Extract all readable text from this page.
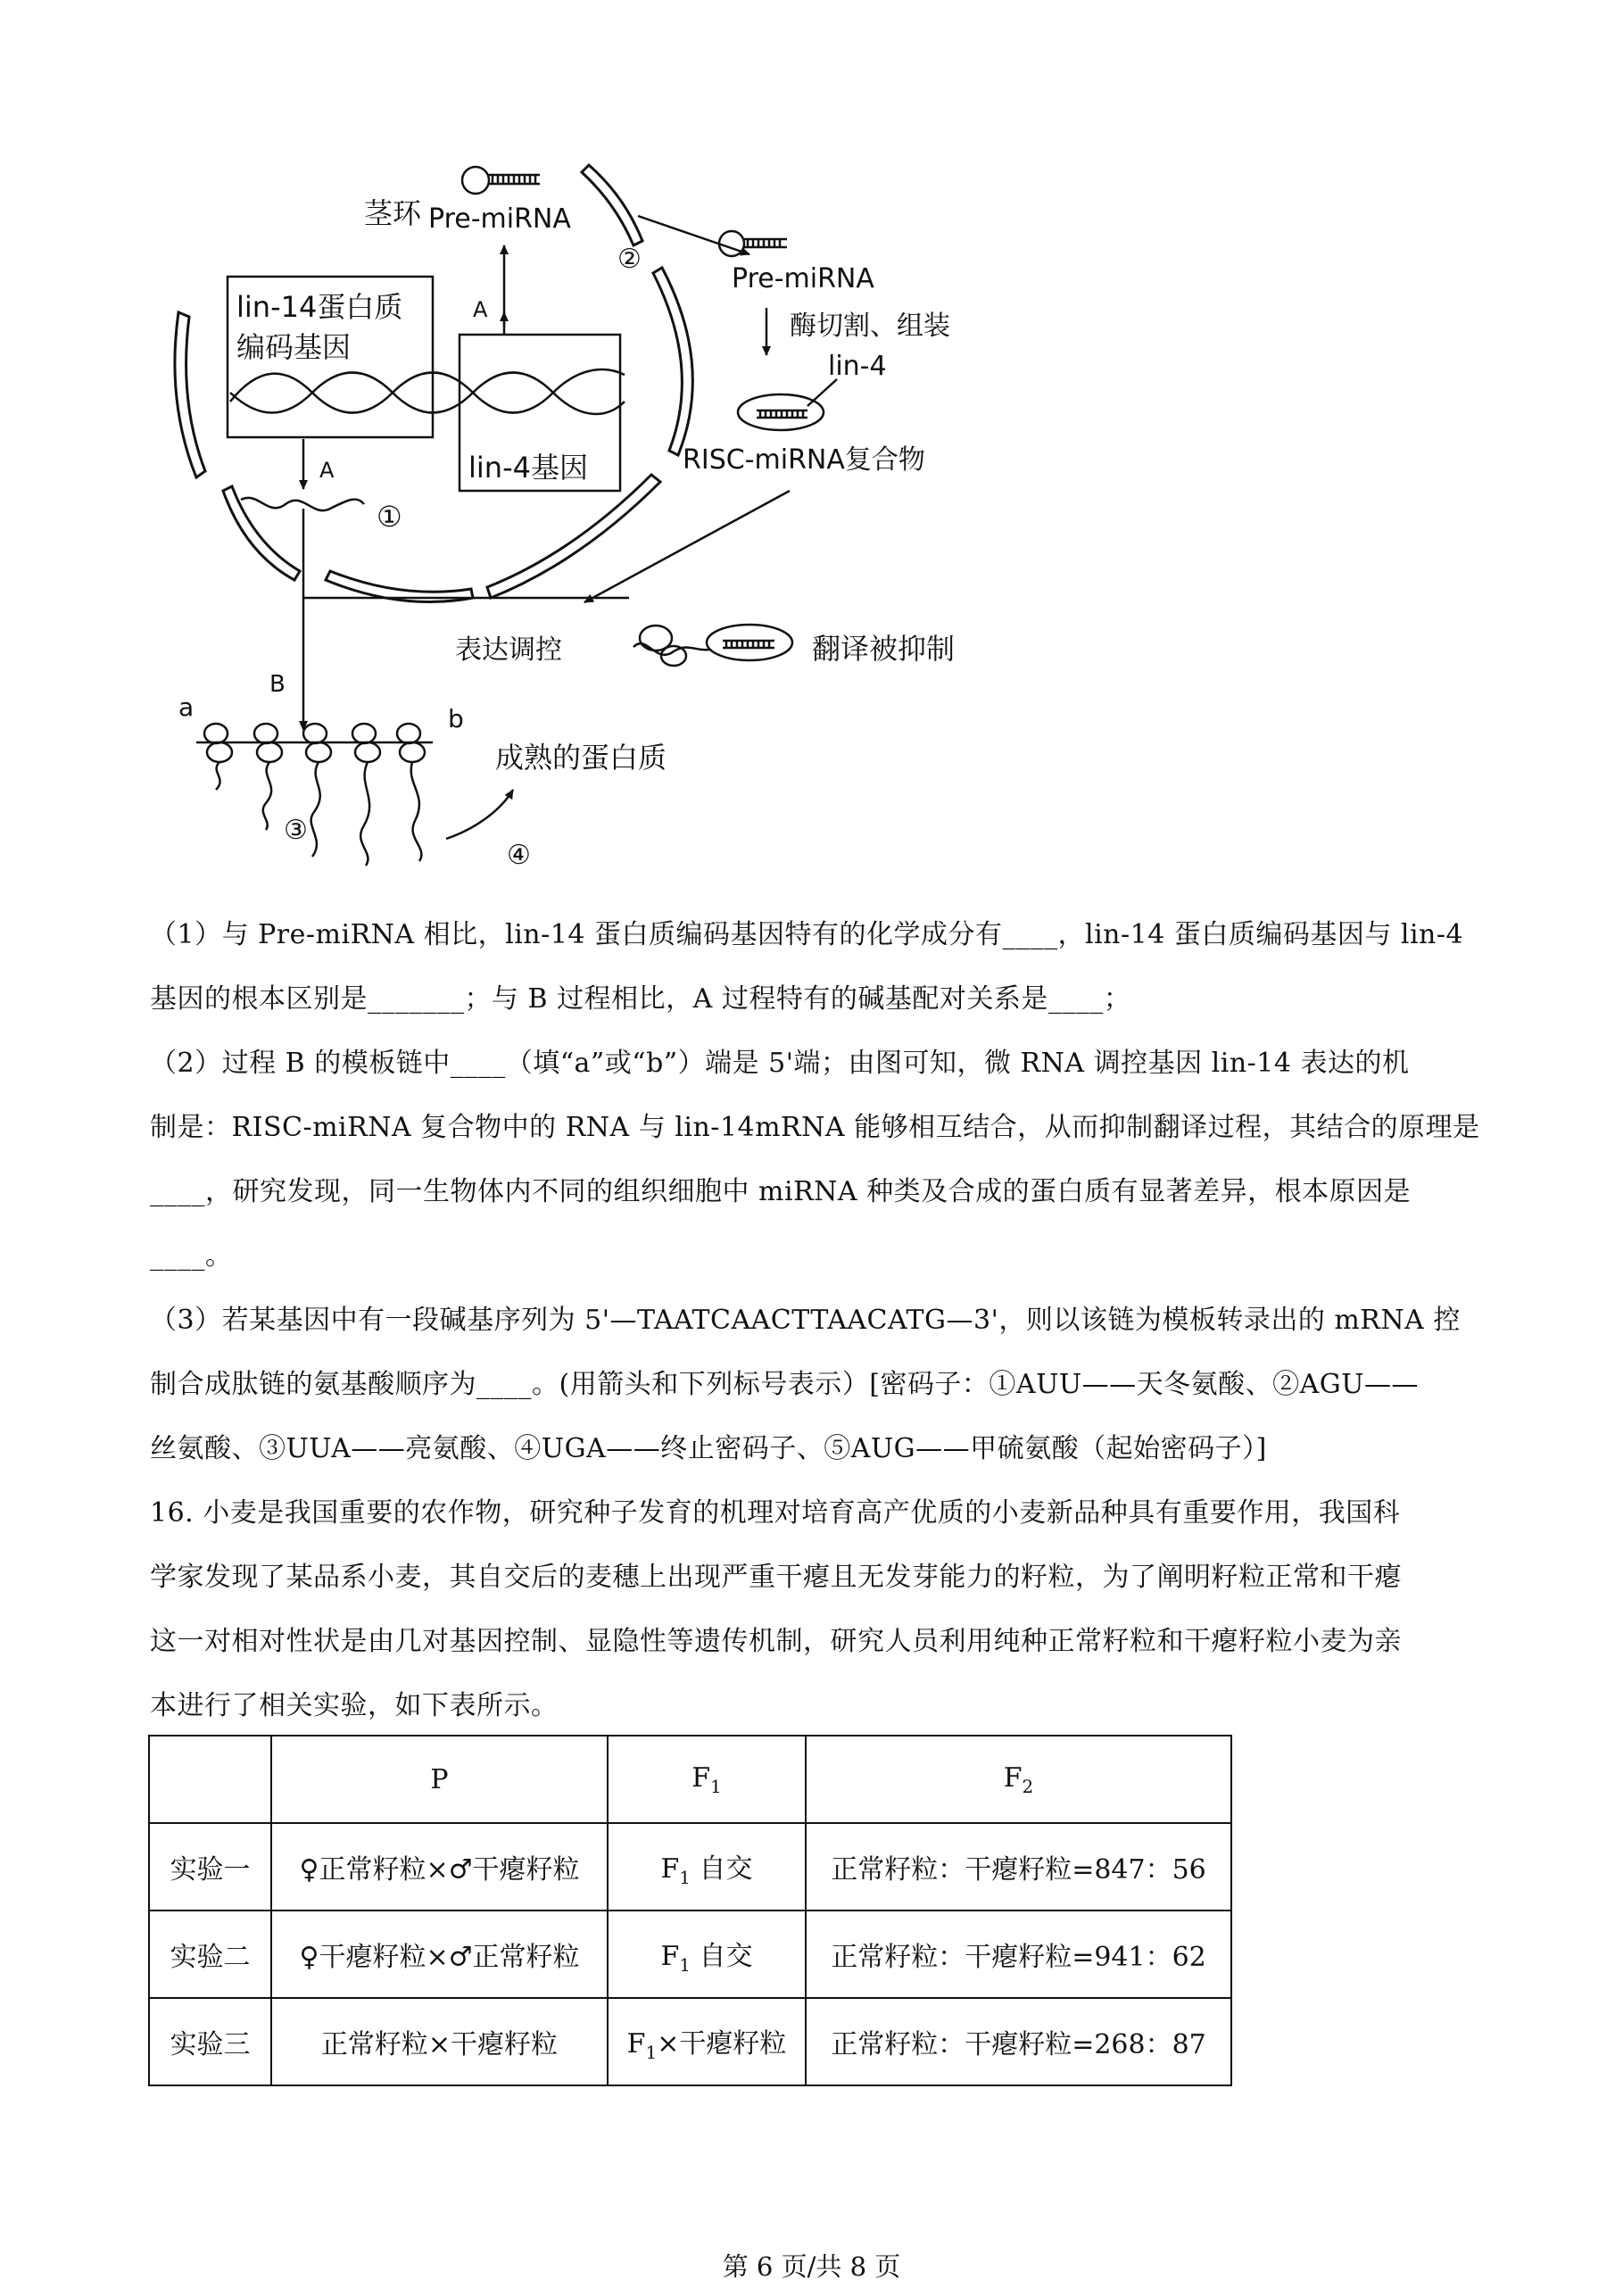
茎环 Pre-miRNA
②
Pre-miRNA
酶切割、组装
lin-4
RISC-miRNA复合物
lin-14蛋白质
编码基因
lin-4基因
A
A
①
表达调控	翻译被抑制
B
a	b
成熟的蛋白质
③
④

（1）与 Pre-miRNA 相比，lin-14 蛋白质编码基因特有的化学成分有____，lin-14 蛋白质编码基因与 lin-4

基因的根本区别是_______；与 B 过程相比，A 过程特有的碱基配对关系是____；

（2）过程 B 的模板链中____（填“a”或“b”）端是 5'端；由图可知，微 RNA 调控基因 lin-14 表达的机

制是：RISC-miRNA 复合物中的 RNA 与 lin-14mRNA 能够相互结合，从而抑制翻译过程，其结合的原理是

____，研究发现，同一生物体内不同的组织细胞中 miRNA 种类及合成的蛋白质有显著差异，根本原因是

____。

（3）若某基因中有一段碱基序列为 5'—TAATCAACTTAACATG—3'，则以该链为模板转录出的 mRNA 控

制合成肽链的氨基酸顺序为____。(用箭头和下列标号表示）[密码子：①AUU——天冬氨酸、②AGU——

丝氨酸、③UUA——亮氨酸、④UGA——终止密码子、⑤AUG——甲硫氨酸（起始密码子）]

16. 小麦是我国重要的农作物，研究种子发育的机理对培育高产优质的小麦新品种具有重要作用，我国科

学家发现了某品系小麦，其自交后的麦穗上出现严重干瘪且无发芽能力的籽粒，为了阐明籽粒正常和干瘪

这一对相对性状是由几对基因控制、显隐性等遗传机制，研究人员利用纯种正常籽粒和干瘪籽粒小麦为亲

本进行了相关实验，如下表所示。

	P	$F_1$	$F_2$
实验一	♀正常籽粒×♂干瘪籽粒	$F_1$ 自交	正常籽粒：干瘪籽粒=847：56
实验二	♀干瘪籽粒×♂正常籽粒	$F_1$ 自交	正常籽粒：干瘪籽粒=941：62
实验三	正常籽粒×干瘪籽粒	$F_1\times$干瘪籽粒	正常籽粒：干瘪籽粒=268：87
第 6 页/共 8 页
